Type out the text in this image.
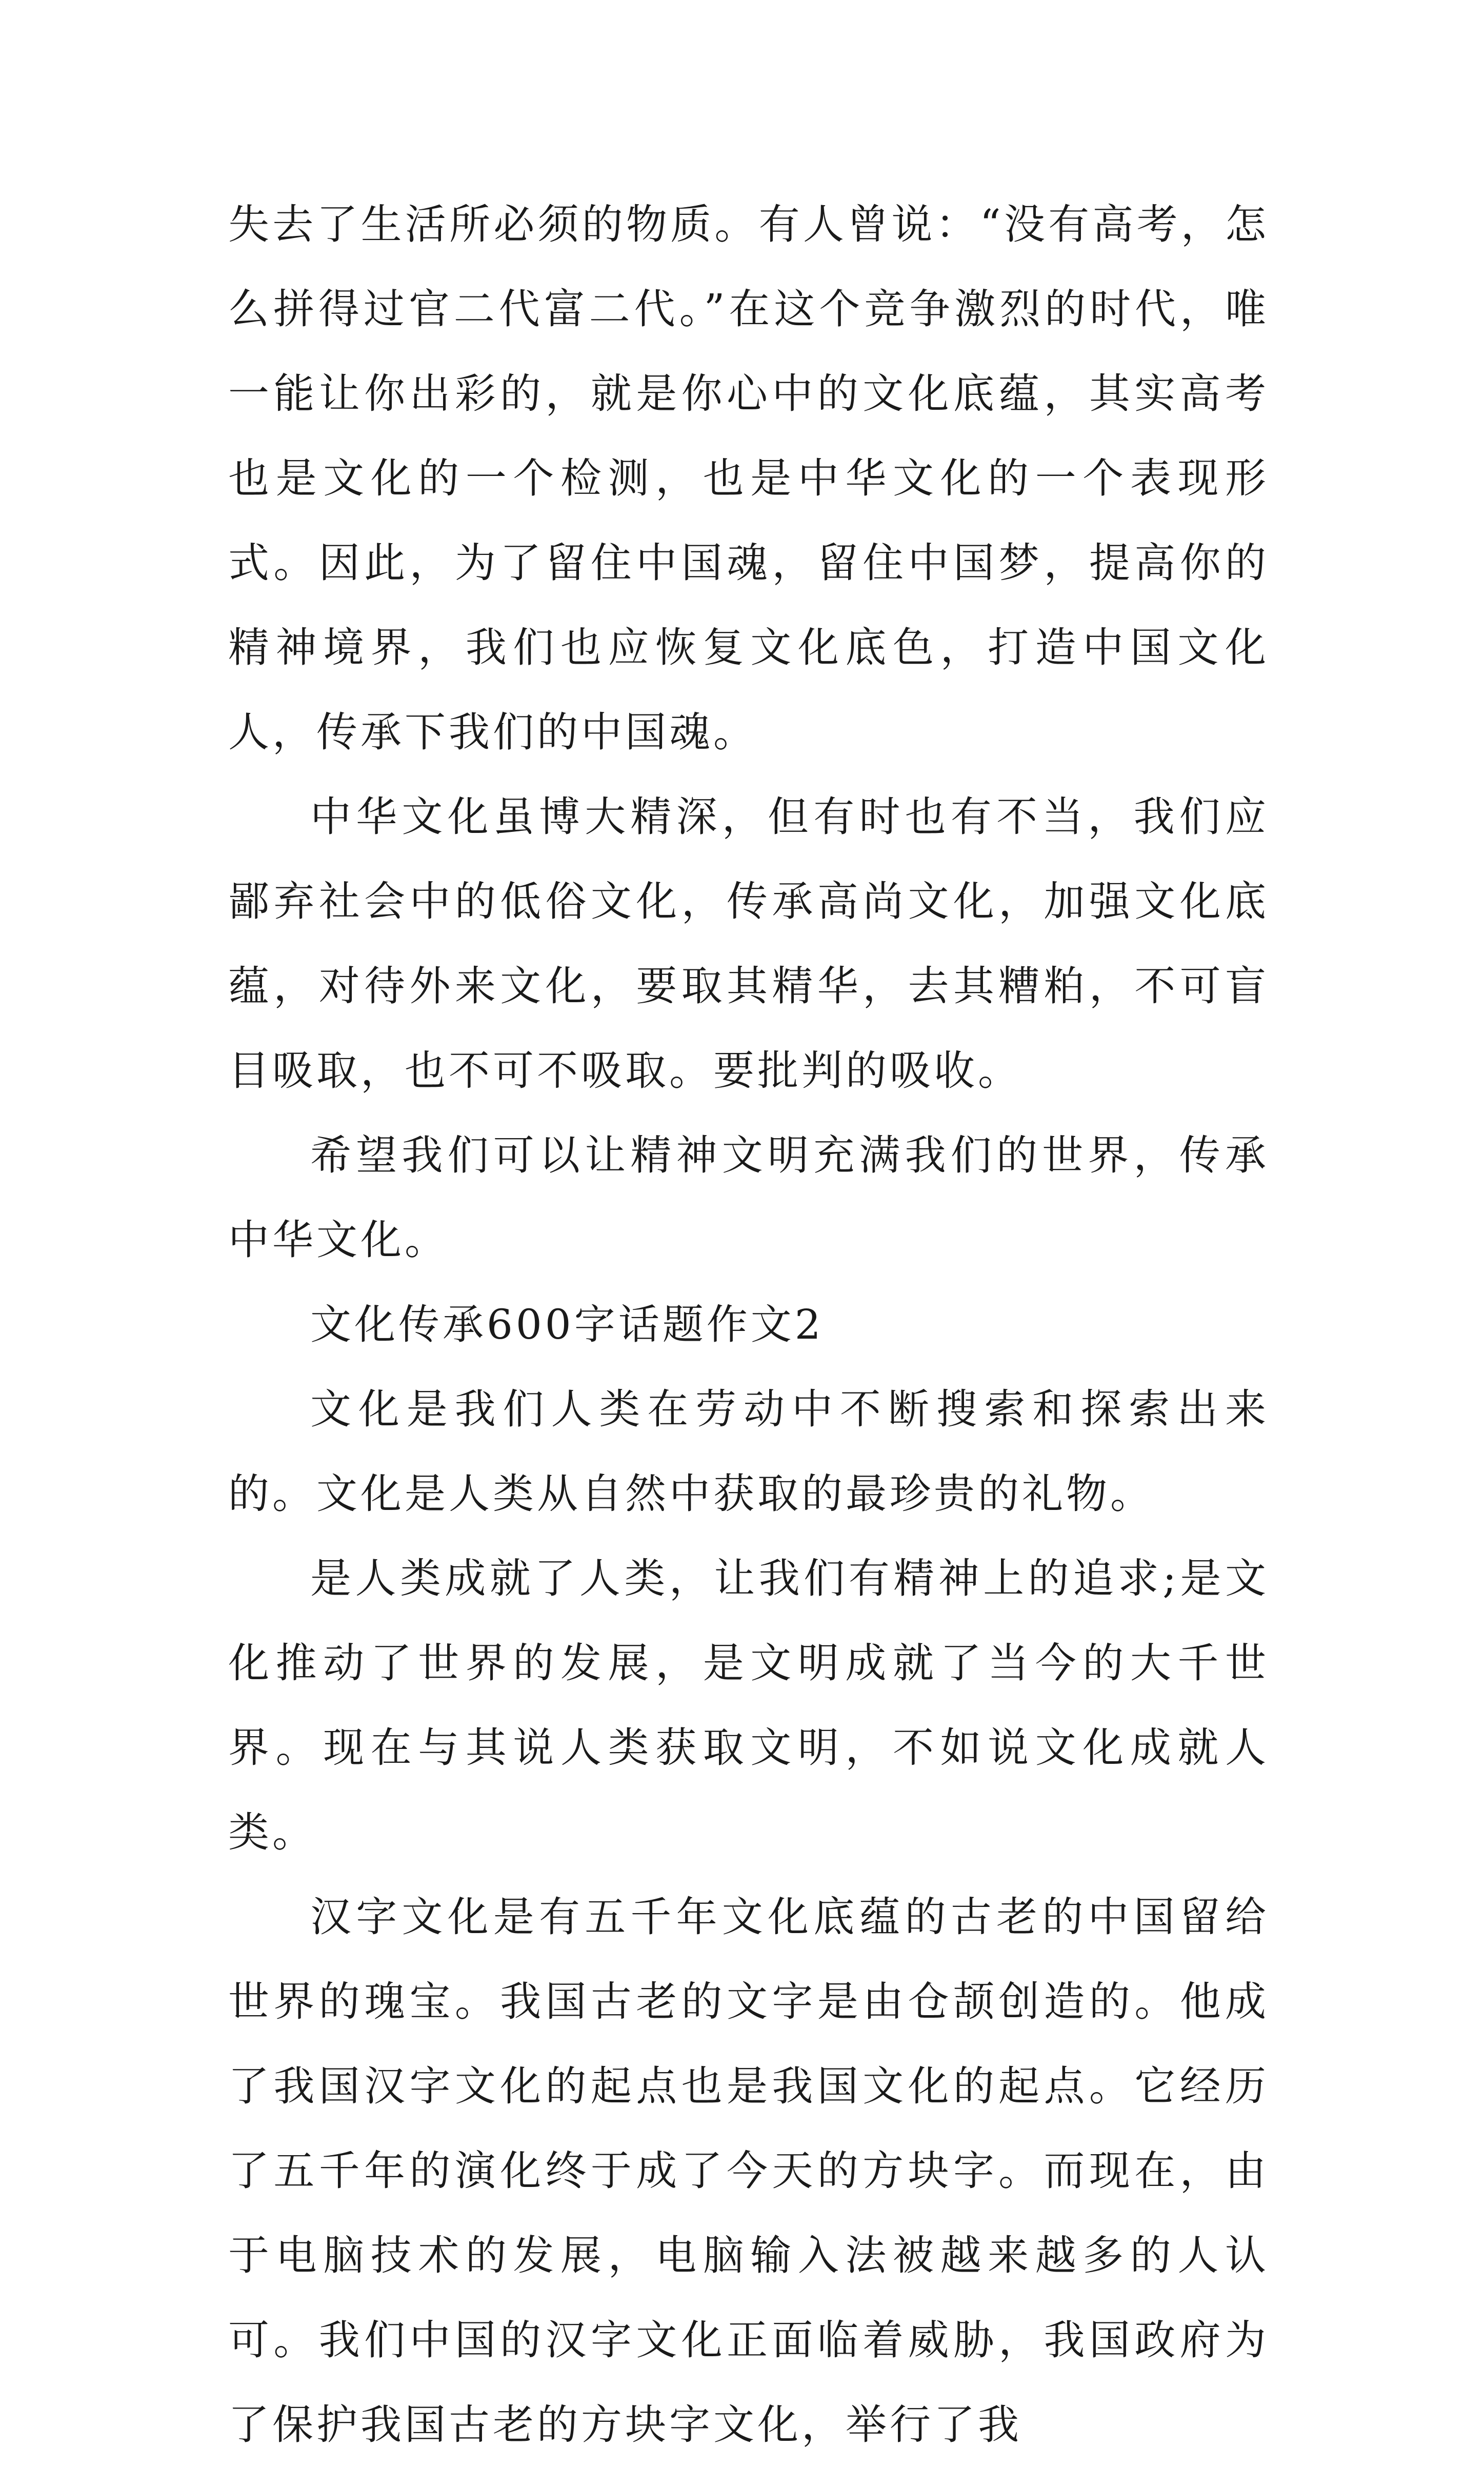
失去了生活所必须的物质。有人曾说：“没有高考，怎么拼得过官二代富二代。”在这个竞争激烈的时代，唯一能让你出彩的，就是你心中的文化底蕴，其实高考也是文化的一个检测，也是中华文化的一个表现形式。因此，为了留住中国魂，留住中国梦，提高你的精神境界，我们也应恢复文化底色，打造中国文化人，传承下我们的中国魂。

中华文化虽博大精深，但有时也有不当，我们应鄙弃社会中的低俗文化，传承高尚文化，加强文化底蕴，对待外来文化，要取其精华，去其糟粕，不可盲目吸取，也不可不吸取。要批判的吸收。

希望我们可以让精神文明充满我们的世界，传承中华文化。

文化传承600字话题作文2

文化是我们人类在劳动中不断搜索和探索出来的。文化是人类从自然中获取的最珍贵的礼物。

是人类成就了人类，让我们有精神上的追求;是文化推动了世界的发展，是文明成就了当今的大千世界。现在与其说人类获取文明，不如说文化成就人类。

汉字文化是有五千年文化底蕴的古老的中国留给世界的瑰宝。我国古老的文字是由仓颉创造的。他成了我国汉字文化的起点也是我国文化的起点。它经历了五千年的演化终于成了今天的方块字。而现在，由于电脑技术的发展，电脑输入法被越来越多的人认可。我们中国的汉字文化正面临着威胁，我国政府为了保护我国古老的方块字文化，举行了我
